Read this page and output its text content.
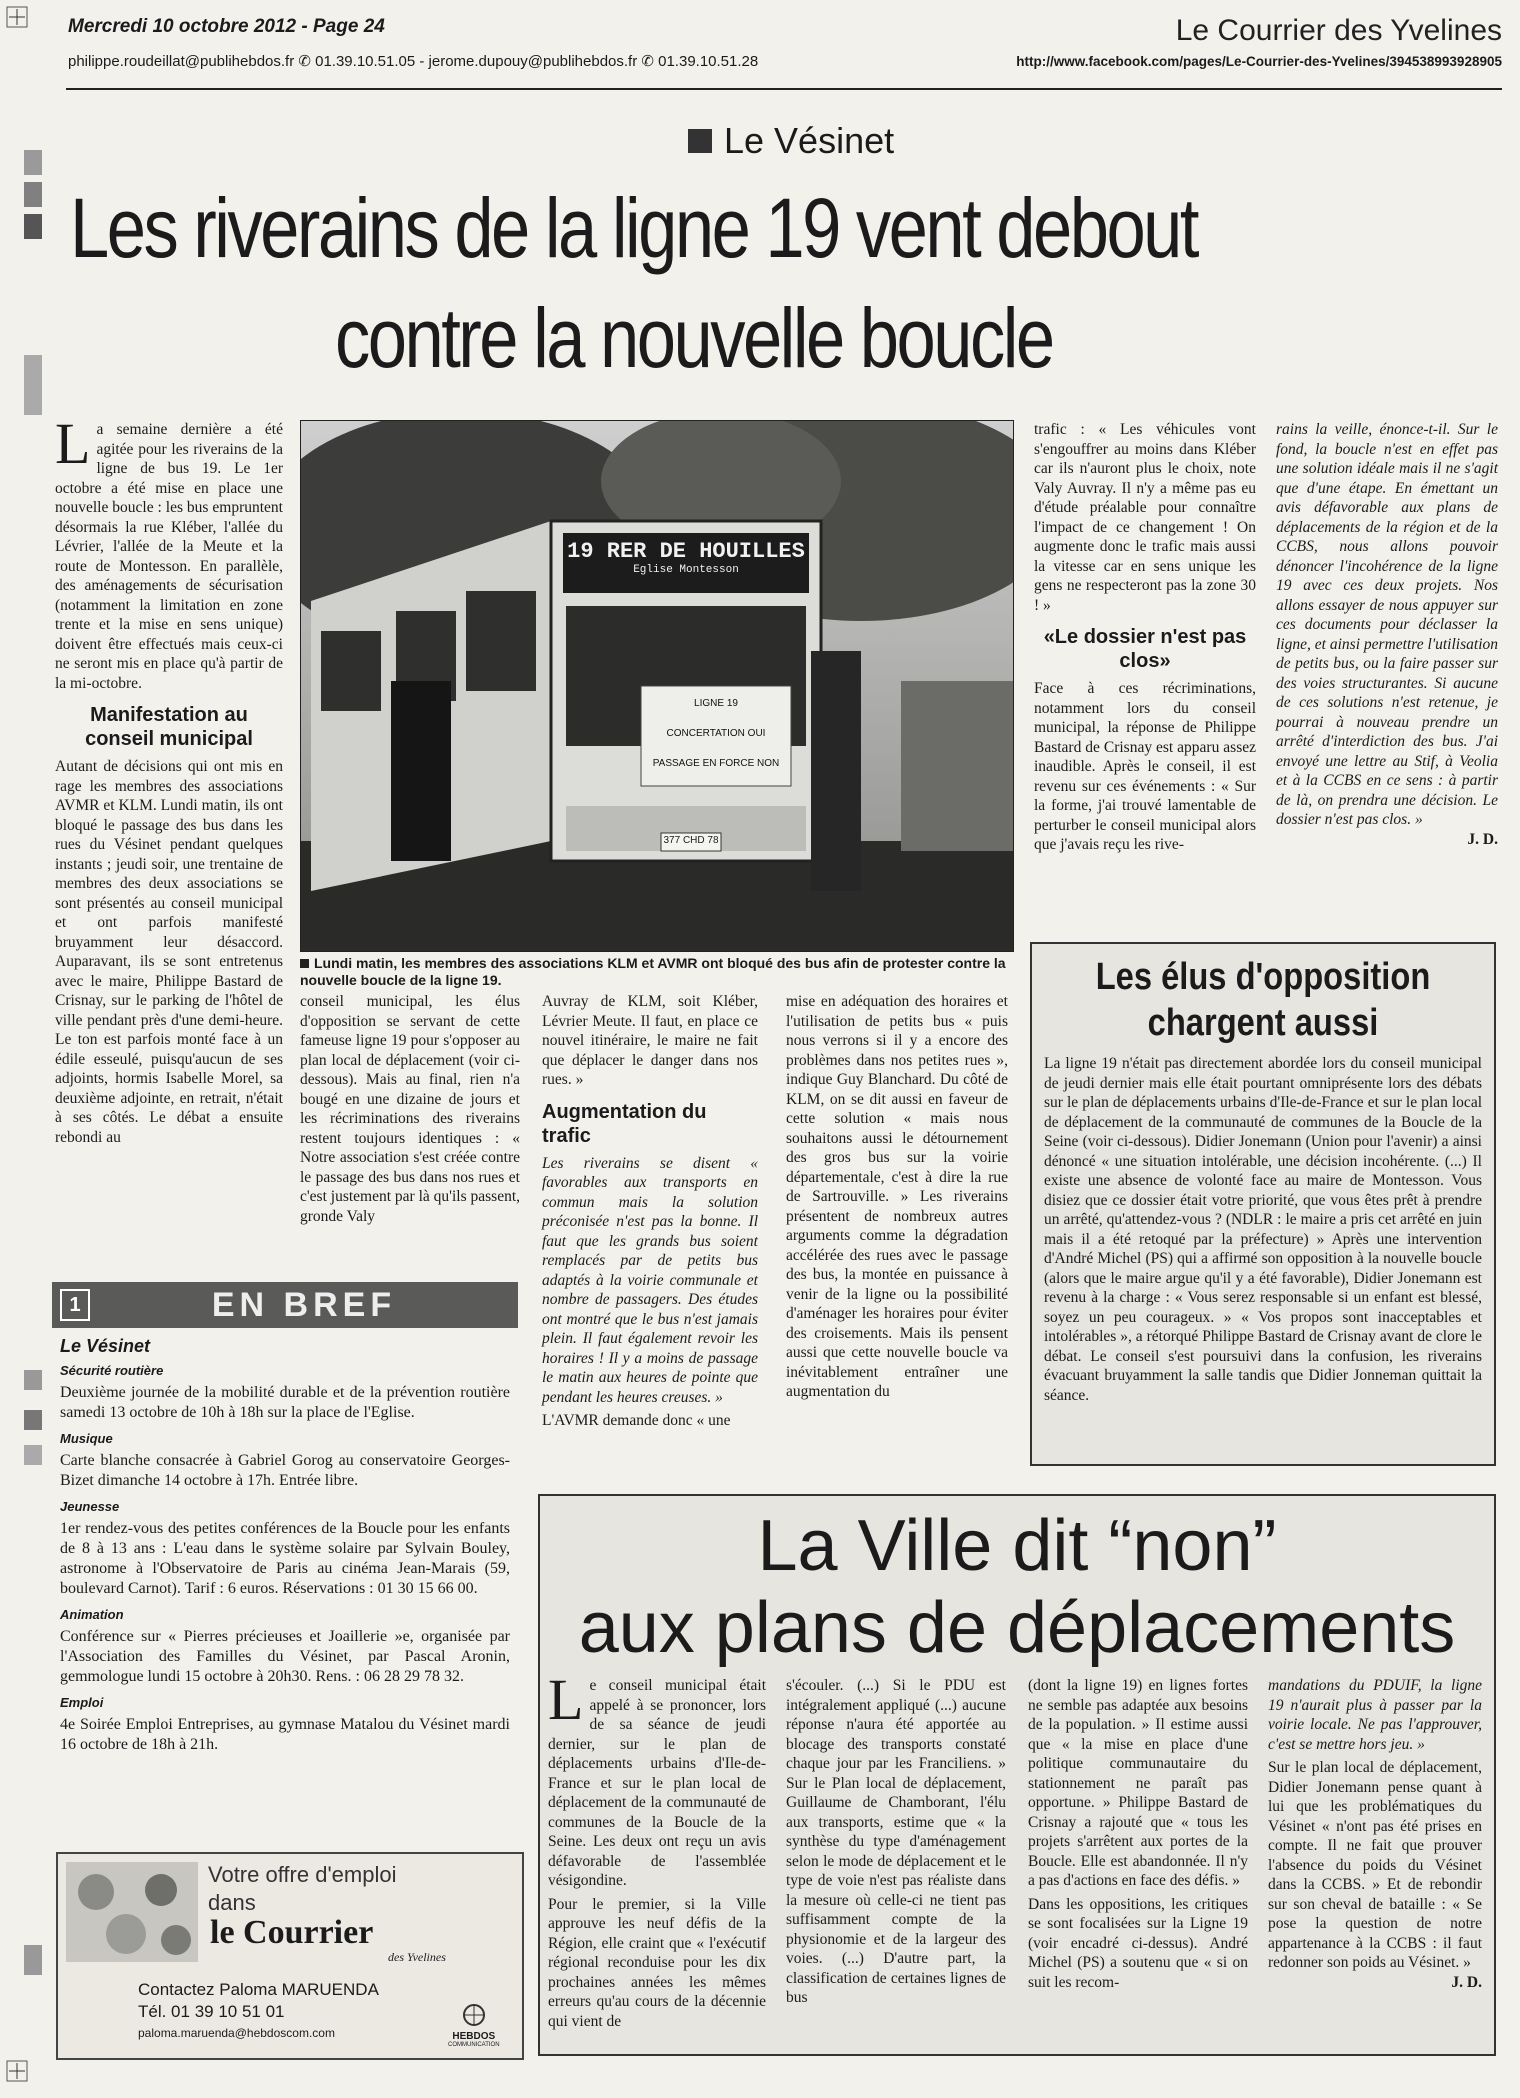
Mercredi 10 octobre 2012 - Page 24
philippe.roudeillat@publihebdos.fr ✆ 01.39.10.51.05 - jerome.dupouy@publihebdos.fr ✆ 01.39.10.51.28
Le Courrier des Yvelines
http://www.facebook.com/pages/Le-Courrier-des-Yvelines/394538993928905
Le Vésinet
Les riverains de la ligne 19 vent debout
contre la nouvelle boucle

La semaine dernière a été agitée pour les riverains de la ligne de bus 19. Le 1er octobre a été mise en place une nouvelle boucle : les bus empruntent désormais la rue Kléber, l'allée du Lévrier, l'allée de la Meute et la route de Montesson. En parallèle, des aménagements de sécurisation (notamment la limitation en zone trente et la mise en sens unique) doivent être effectués mais ceux-ci ne seront mis en place qu'à partir de la mi-octobre.

Manifestation au conseil municipal

Autant de décisions qui ont mis en rage les membres des associations AVMR et KLM. Lundi matin, ils ont bloqué le passage des bus dans les rues du Vésinet pendant quelques instants ; jeudi soir, une trentaine de membres des deux associations se sont présentés au conseil municipal et ont parfois manifesté bruyamment leur désaccord. Auparavant, ils se sont entretenus avec le maire, Philippe Bastard de Crisnay, sur le parking de l'hôtel de ville pendant près d'une demi-heure. Le ton est parfois monté face à un édile esseulé, puisqu'aucun de ses adjoints, hormis Isabelle Morel, sa deuxième adjointe, en retrait, n'était à ses côtés. Le débat a ensuite rebondi au

19 RER DE HOUILLES
Eglise Montesson
LIGNE 19
CONCERTATION OUI
PASSAGE EN FORCE NON
377 CHD 78
Lundi matin, les membres des associations KLM et AVMR ont bloqué des bus afin de protester contre la nouvelle boucle de la ligne 19.

conseil municipal, les élus d'opposition se servant de cette fameuse ligne 19 pour s'opposer au plan local de déplacement (voir ci-dessous). Mais au final, rien n'a bougé en une dizaine de jours et les récriminations des riverains restent toujours identiques : « Notre association s'est créée contre le passage des bus dans nos rues et c'est justement par là qu'ils passent, gronde Valy

Auvray de KLM, soit Kléber, Lévrier Meute. Il faut, en place ce nouvel itinéraire, le maire ne fait que déplacer le danger dans nos rues. »

Augmentation du trafic

Les riverains se disent « favorables aux transports en commun mais la solution préconisée n'est pas la bonne. Il faut que les grands bus soient remplacés par de petits bus adaptés à la voirie communale et nombre de passagers. Des études ont montré que le bus n'est jamais plein. Il faut également revoir les horaires ! Il y a moins de passage le matin aux heures de pointe que pendant les heures creuses. »

L'AVMR demande donc « une

mise en adéquation des horaires et l'utilisation de petits bus « puis nous verrons si il y a encore des problèmes dans nos petites rues », indique Guy Blanchard. Du côté de KLM, on se dit aussi en faveur de cette solution « mais nous souhaitons aussi le détournement des gros bus sur la voirie départementale, c'est à dire la rue de Sartrouville. » Les riverains présentent de nombreux autres arguments comme la dégradation accélérée des rues avec le passage des bus, la montée en puissance à venir de la ligne ou la possibilité d'aménager les horaires pour éviter des croisements. Mais ils pensent aussi que cette nouvelle boucle va inévitablement entraîner une augmentation du

trafic : « Les véhicules vont s'engouffrer au moins dans Kléber car ils n'auront plus le choix, note Valy Auvray. Il n'y a même pas eu d'étude préalable pour connaître l'impact de ce changement ! On augmente donc le trafic mais aussi la vitesse car en sens unique les gens ne respecteront pas la zone 30 ! »

«Le dossier n'est pas clos»

Face à ces récriminations, notamment lors du conseil municipal, la réponse de Philippe Bastard de Crisnay est apparu assez inaudible. Après le conseil, il est revenu sur ces événements : « Sur la forme, j'ai trouvé lamentable de perturber le conseil municipal alors que j'avais reçu les rive-

rains la veille, énonce-t-il. Sur le fond, la boucle n'est en effet pas une solution idéale mais il ne s'agit que d'une étape. En émettant un avis défavorable aux plans de déplacements de la région et de la CCBS, nous allons pouvoir dénoncer l'incohérence de la ligne 19 avec ces deux projets. Nos allons essayer de nous appuyer sur ces documents pour déclasser la ligne, et ainsi permettre l'utilisation de petits bus, ou la faire passer sur des voies structurantes. Si aucune de ces solutions n'est retenue, je pourrai à nouveau prendre un arrêté d'interdiction des bus. J'ai envoyé une lettre au Stif, à Veolia et à la CCBS en ce sens : à partir de là, on prendra une décision. Le dossier n'est pas clos. »

J. D.
Les élus d'opposition
chargent aussi

La ligne 19 n'était pas directement abordée lors du conseil municipal de jeudi dernier mais elle était pourtant omniprésente lors des débats sur le plan de déplacements urbains d'Ile-de-France et sur le plan local de déplacement de la communauté de communes de la Boucle de la Seine (voir ci-dessous). Didier Jonemann (Union pour l'avenir) a ainsi dénoncé « une situation intolérable, une décision incohérente. (...) Il existe une absence de volonté face au maire de Montesson. Vous disiez que ce dossier était votre priorité, que vous êtes prêt à prendre un arrêté, qu'attendez-vous ? (NDLR : le maire a pris cet arrêté en juin mais il a été retoqué par la préfecture) » Après une intervention d'André Michel (PS) qui a affirmé son opposition à la nouvelle boucle (alors que le maire argue qu'il y a été favorable), Didier Jonemann est revenu à la charge : « Vous serez responsable si un enfant est blessé, soyez un peu courageux. » « Vos propos sont inacceptables et intolérables », a rétorqué Philippe Bastard de Crisnay avant de clore le débat. Le conseil s'est poursuivi dans la confusion, les riverains évacuant bruyamment la salle tandis que Didier Jonneman quittait la séance.

1	EN BREF
Le Vésinet
Sécurité routière

Deuxième journée de la mobilité durable et de la prévention routière samedi 13 octobre de 10h à 18h sur la place de l'Eglise.

Musique

Carte blanche consacrée à Gabriel Gorog au conservatoire Georges-Bizet dimanche 14 octobre à 17h. Entrée libre.

Jeunesse

1er rendez-vous des petites conférences de la Boucle pour les enfants de 8 à 13 ans : L'eau dans le système solaire par Sylvain Bouley, astronome à l'Observatoire de Paris au cinéma Jean-Marais (59, boulevard Carnot). Tarif : 6 euros. Réservations : 01 30 15 66 00.

Animation

Conférence sur « Pierres précieuses et Joaillerie »e, organisée par l'Association des Familles du Vésinet, par Pascal Aronin, gemmologue lundi 15 octobre à 20h30. Rens. : 06 28 29 78 32.

Emploi

4e Soirée Emploi Entreprises, au gymnase Matalou du Vésinet mardi 16 octobre de 18h à 21h.

Votre offre d'emploi
dans
le Courrier
des Yvelines
Contactez Paloma MARUENDA
Tél. 01 39 10 51 01
paloma.maruenda@hebdoscom.com	HEBDOS
COMMUNICATION
La Ville dit “non”
aux plans de déplacements

Le conseil municipal était appelé à se prononcer, lors de sa séance de jeudi dernier, sur le plan de déplacements urbains d'Ile-de-France et sur le plan local de déplacement de la communauté de communes de la Boucle de la Seine. Les deux ont reçu un avis défavorable de l'assemblée vésigondine.

Pour le premier, si la Ville approuve les neuf défis de la Région, elle craint que « l'exécutif régional reconduise pour les dix prochaines années les mêmes erreurs qu'au cours de la décennie qui vient de

s'écouler. (...) Si le PDU est intégralement appliqué (...) aucune réponse n'aura été apportée au blocage des transports constaté chaque jour par les Franciliens. » Sur le Plan local de déplacement, Guillaume de Chamborant, l'élu aux transports, estime que « la synthèse du type d'aménagement selon le mode de déplacement et le type de voie n'est pas réaliste dans la mesure où celle-ci ne tient pas suffisamment compte de la physionomie et de la largeur des voies. (...) D'autre part, la classification de certaines lignes de bus

(dont la ligne 19) en lignes fortes ne semble pas adaptée aux besoins de la population. » Il estime aussi que « la mise en place d'une politique communautaire du stationnement ne paraît pas opportune. » Philippe Bastard de Crisnay a rajouté que « tous les projets s'arrêtent aux portes de la Boucle. Elle est abandonnée. Il n'y a pas d'actions en face des défis. »

Dans les oppositions, les critiques se sont focalisées sur la Ligne 19 (voir encadré ci-dessus). André Michel (PS) a soutenu que « si on suit les recom-

mandations du PDUIF, la ligne 19 n'aurait plus à passer par la voirie locale. Ne pas l'approuver, c'est se mettre hors jeu. »

Sur le plan local de déplacement, Didier Jonemann pense quant à lui que les problématiques du Vésinet « n'ont pas été prises en compte. Il ne fait que prouver l'absence du poids du Vésinet dans la CCBS. » Et de rebondir sur son cheval de bataille : « Se pose la question de notre appartenance à la CCBS : il faut redonner son poids au Vésinet. »

J. D.
